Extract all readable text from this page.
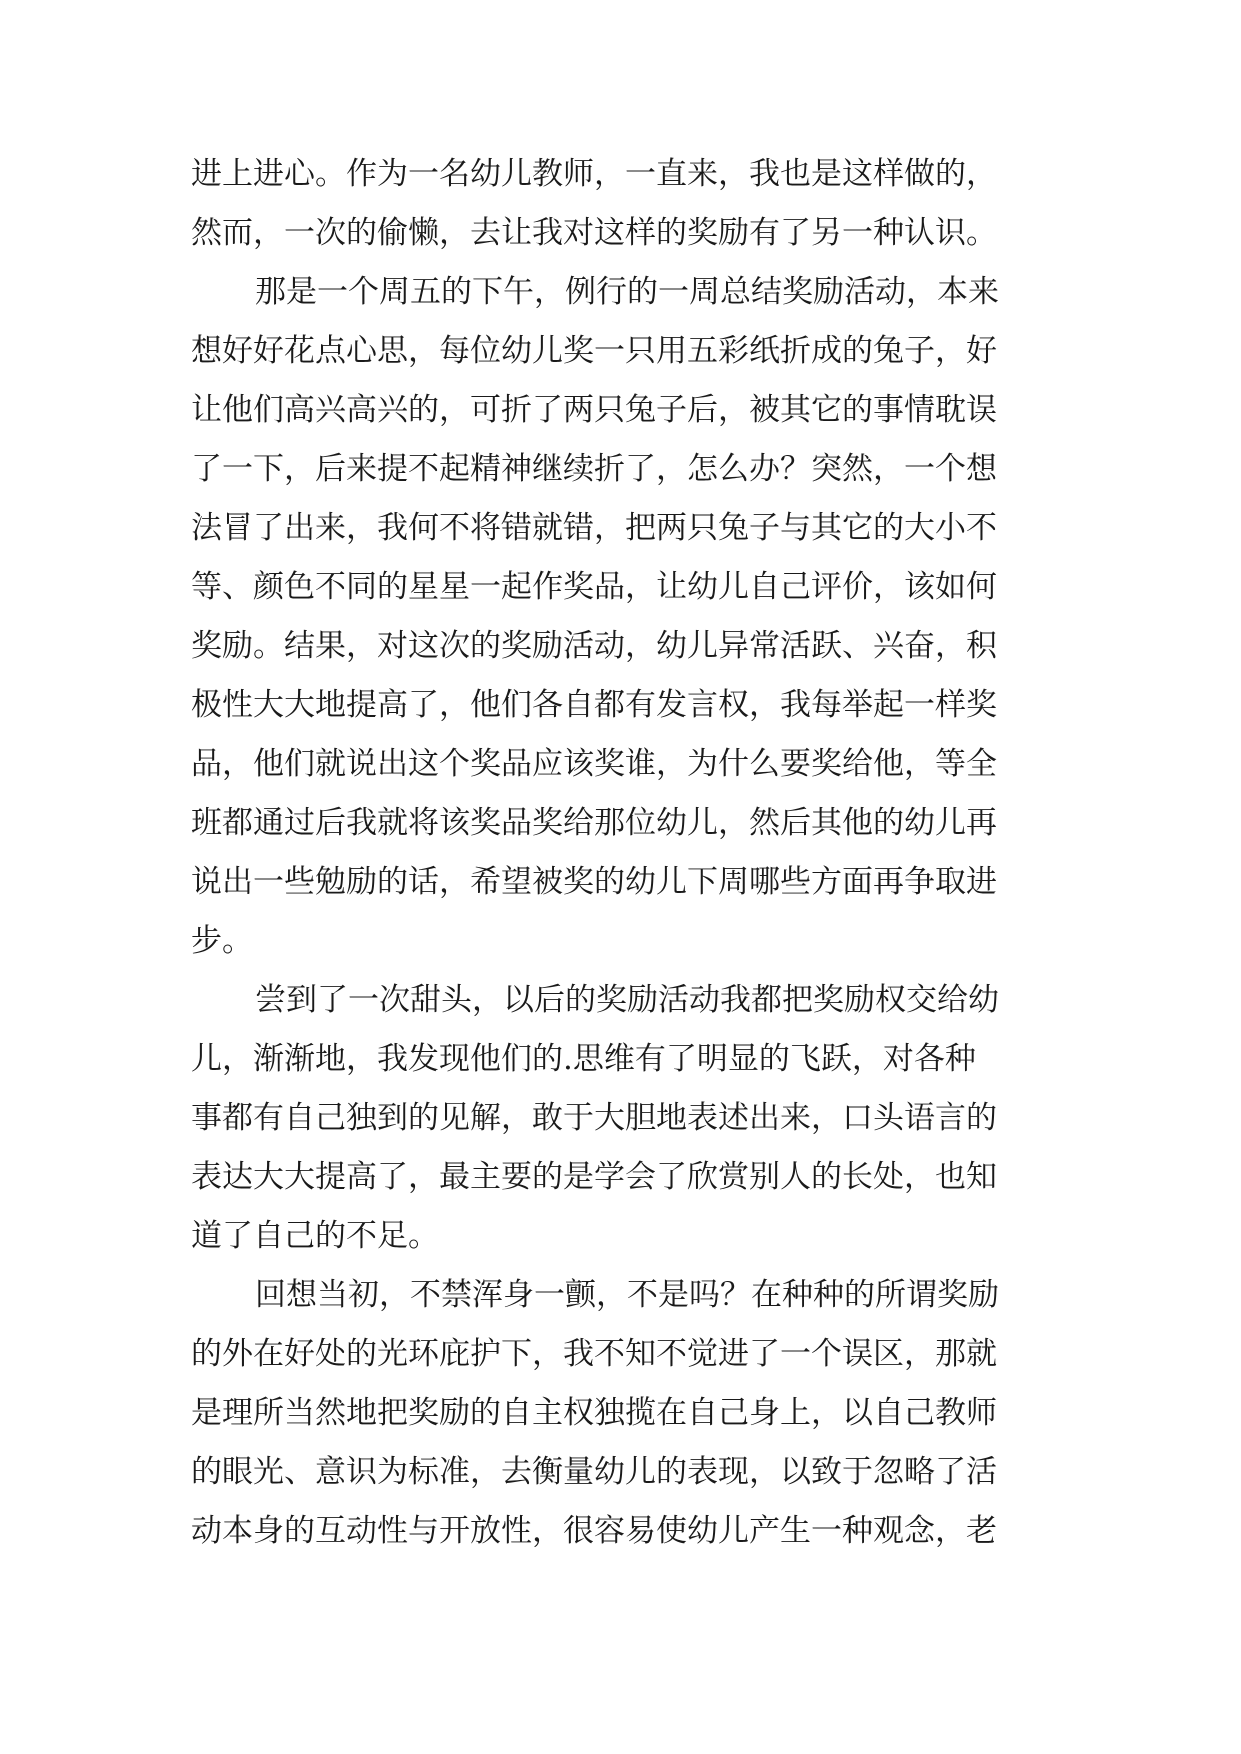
进上进心。作为一名幼儿教师，一直来，我也是这样做的，
然而，一次的偷懒，去让我对这样的奖励有了另一种认识。
那是一个周五的下午，例行的一周总结奖励活动，本来
想好好花点心思，每位幼儿奖一只用五彩纸折成的兔子，好
让他们高兴高兴的，可折了两只兔子后，被其它的事情耽误
了一下，后来提不起精神继续折了，怎么办？突然，一个想
法冒了出来，我何不将错就错，把两只兔子与其它的大小不
等、颜色不同的星星一起作奖品，让幼儿自己评价，该如何
奖励。结果，对这次的奖励活动，幼儿异常活跃、兴奋，积
极性大大地提高了，他们各自都有发言权，我每举起一样奖
品，他们就说出这个奖品应该奖谁，为什么要奖给他，等全
班都通过后我就将该奖品奖给那位幼儿，然后其他的幼儿再
说出一些勉励的话，希望被奖的幼儿下周哪些方面再争取进
步。
尝到了一次甜头，以后的奖励活动我都把奖励权交给幼
儿，渐渐地，我发现他们的.思维有了明显的飞跃，对各种
事都有自己独到的见解，敢于大胆地表述出来，口头语言的
表达大大提高了，最主要的是学会了欣赏别人的长处，也知
道了自己的不足。
回想当初，不禁浑身一颤，不是吗？在种种的所谓奖励
的外在好处的光环庇护下，我不知不觉进了一个误区，那就
是理所当然地把奖励的自主权独揽在自己身上，以自己教师
的眼光、意识为标准，去衡量幼儿的表现，以致于忽略了活
动本身的互动性与开放性，很容易使幼儿产生一种观念，老
